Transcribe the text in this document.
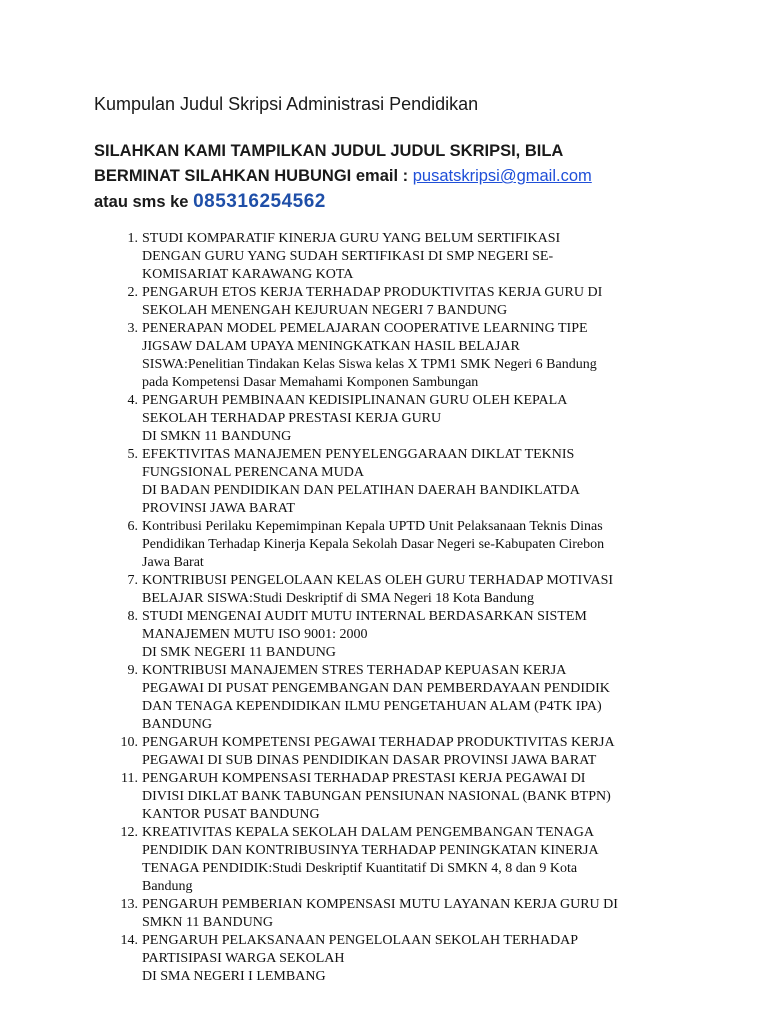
Kumpulan Judul Skripsi Administrasi Pendidikan
SILAHKAN KAMI TAMPILKAN JUDUL JUDUL SKRIPSI, BILA
BERMINAT SILAHKAN HUBUNGI email : pusatskripsi@gmail.com
atau sms ke 085316254562
1. STUDI KOMPARATIF KINERJA GURU YANG BELUM SERTIFIKASI
DENGAN GURU YANG SUDAH SERTIFIKASI DI SMP NEGERI SE-
KOMISARIAT KARAWANG KOTA
2. PENGARUH ETOS KERJA TERHADAP PRODUKTIVITAS KERJA GURU DI
SEKOLAH MENENGAH KEJURUAN NEGERI 7 BANDUNG
3. PENERAPAN MODEL PEMELAJARAN COOPERATIVE LEARNING TIPE
JIGSAW DALAM UPAYA MENINGKATKAN HASIL BELAJAR
SISWA:Penelitian Tindakan Kelas Siswa kelas X TPM1 SMK Negeri 6 Bandung
pada Kompetensi Dasar Memahami Komponen Sambungan
4. PENGARUH PEMBINAAN KEDISIPLINANAN GURU OLEH KEPALA
SEKOLAH TERHADAP PRESTASI KERJA GURU
DI SMKN 11 BANDUNG
5. EFEKTIVITAS MANAJEMEN PENYELENGGARAAN DIKLAT TEKNIS
FUNGSIONAL PERENCANA MUDA
DI BADAN PENDIDIKAN DAN PELATIHAN DAERAH BANDIKLATDA
PROVINSI JAWA BARAT
6. Kontribusi Perilaku Kepemimpinan Kepala UPTD Unit Pelaksanaan Teknis Dinas
Pendidikan Terhadap Kinerja Kepala Sekolah Dasar Negeri se-Kabupaten Cirebon
Jawa Barat
7. KONTRIBUSI PENGELOLAAN KELAS OLEH GURU TERHADAP MOTIVASI
BELAJAR SISWA:Studi Deskriptif di SMA Negeri 18 Kota Bandung
8. STUDI MENGENAI AUDIT MUTU INTERNAL BERDASARKAN SISTEM
MANAJEMEN MUTU ISO 9001: 2000
DI SMK NEGERI 11 BANDUNG
9. KONTRIBUSI MANAJEMEN STRES TERHADAP KEPUASAN KERJA
PEGAWAI DI PUSAT PENGEMBANGAN DAN PEMBERDAYAAN PENDIDIK
DAN TENAGA KEPENDIDIKAN ILMU PENGETAHUAN ALAM (P4TK IPA)
BANDUNG
10. PENGARUH KOMPETENSI PEGAWAI TERHADAP PRODUKTIVITAS KERJA
PEGAWAI DI SUB DINAS PENDIDIKAN DASAR PROVINSI JAWA BARAT
11. PENGARUH KOMPENSASI TERHADAP PRESTASI KERJA PEGAWAI DI
DIVISI DIKLAT BANK TABUNGAN PENSIUNAN NASIONAL (BANK BTPN)
KANTOR PUSAT BANDUNG
12. KREATIVITAS KEPALA SEKOLAH DALAM PENGEMBANGAN TENAGA
PENDIDIK DAN KONTRIBUSINYA TERHADAP PENINGKATAN KINERJA
TENAGA PENDIDIK:Studi Deskriptif Kuantitatif Di SMKN 4, 8 dan 9 Kota
Bandung
13. PENGARUH PEMBERIAN KOMPENSASI MUTU LAYANAN KERJA GURU DI
SMKN 11 BANDUNG
14. PENGARUH PELAKSANAAN PENGELOLAAN SEKOLAH TERHADAP
PARTISIPASI WARGA SEKOLAH
DI SMA NEGERI I LEMBANG
